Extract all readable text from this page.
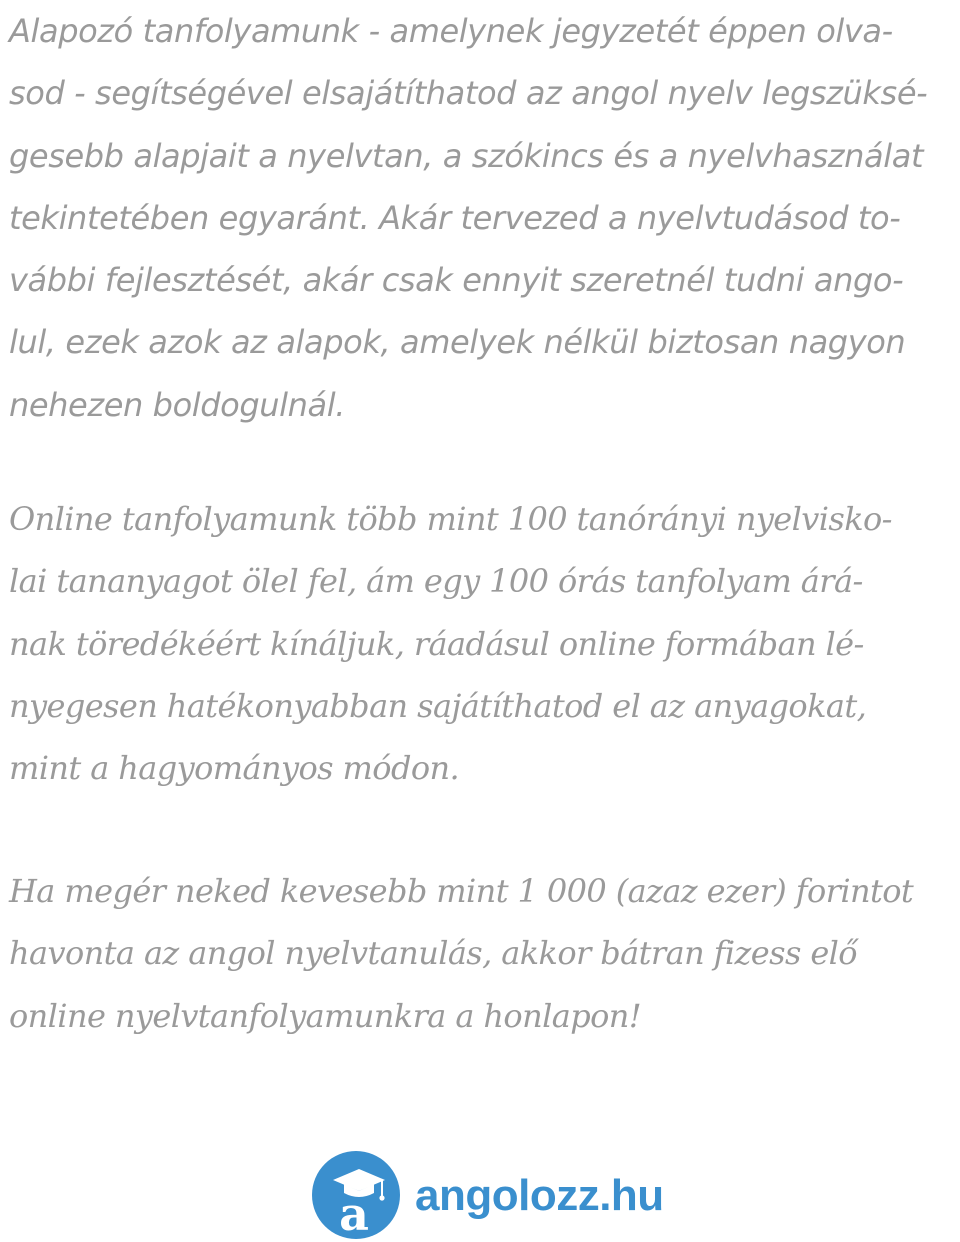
Alapozó tanfolyamunk - amelynek jegyzetét éppen olva-
sod - segítségével elsajátíthatod az angol nyelv legszüksé-
gesebb alapjait a nyelvtan, a szókincs és a nyelvhasználat
tekintetében egyaránt. Akár tervezed a nyelvtudásod to-
vábbi fejlesztését, akár csak ennyit szeretnél tudni ango-
lul, ezek azok az alapok, amelyek nélkül biztosan nagyon
nehezen boldogulnál.
Online tanfolyamunk több mint 100 tanórányi nyelvisko-
lai tananyagot ölel fel, ám egy 100 órás tanfolyam árá-
nak töredékéért kínáljuk, ráadásul online formában lé-
nyegesen hatékonyabban sajátíthatod el az anyagokat,
mint a hagyományos módon.
Ha megér neked kevesebb mint 1 000 (azaz ezer) forintot
havonta az angol nyelvtanulás, akkor bátran fizess elő
online nyelvtanfolyamunkra a honlapon!
a angolozz.hu
